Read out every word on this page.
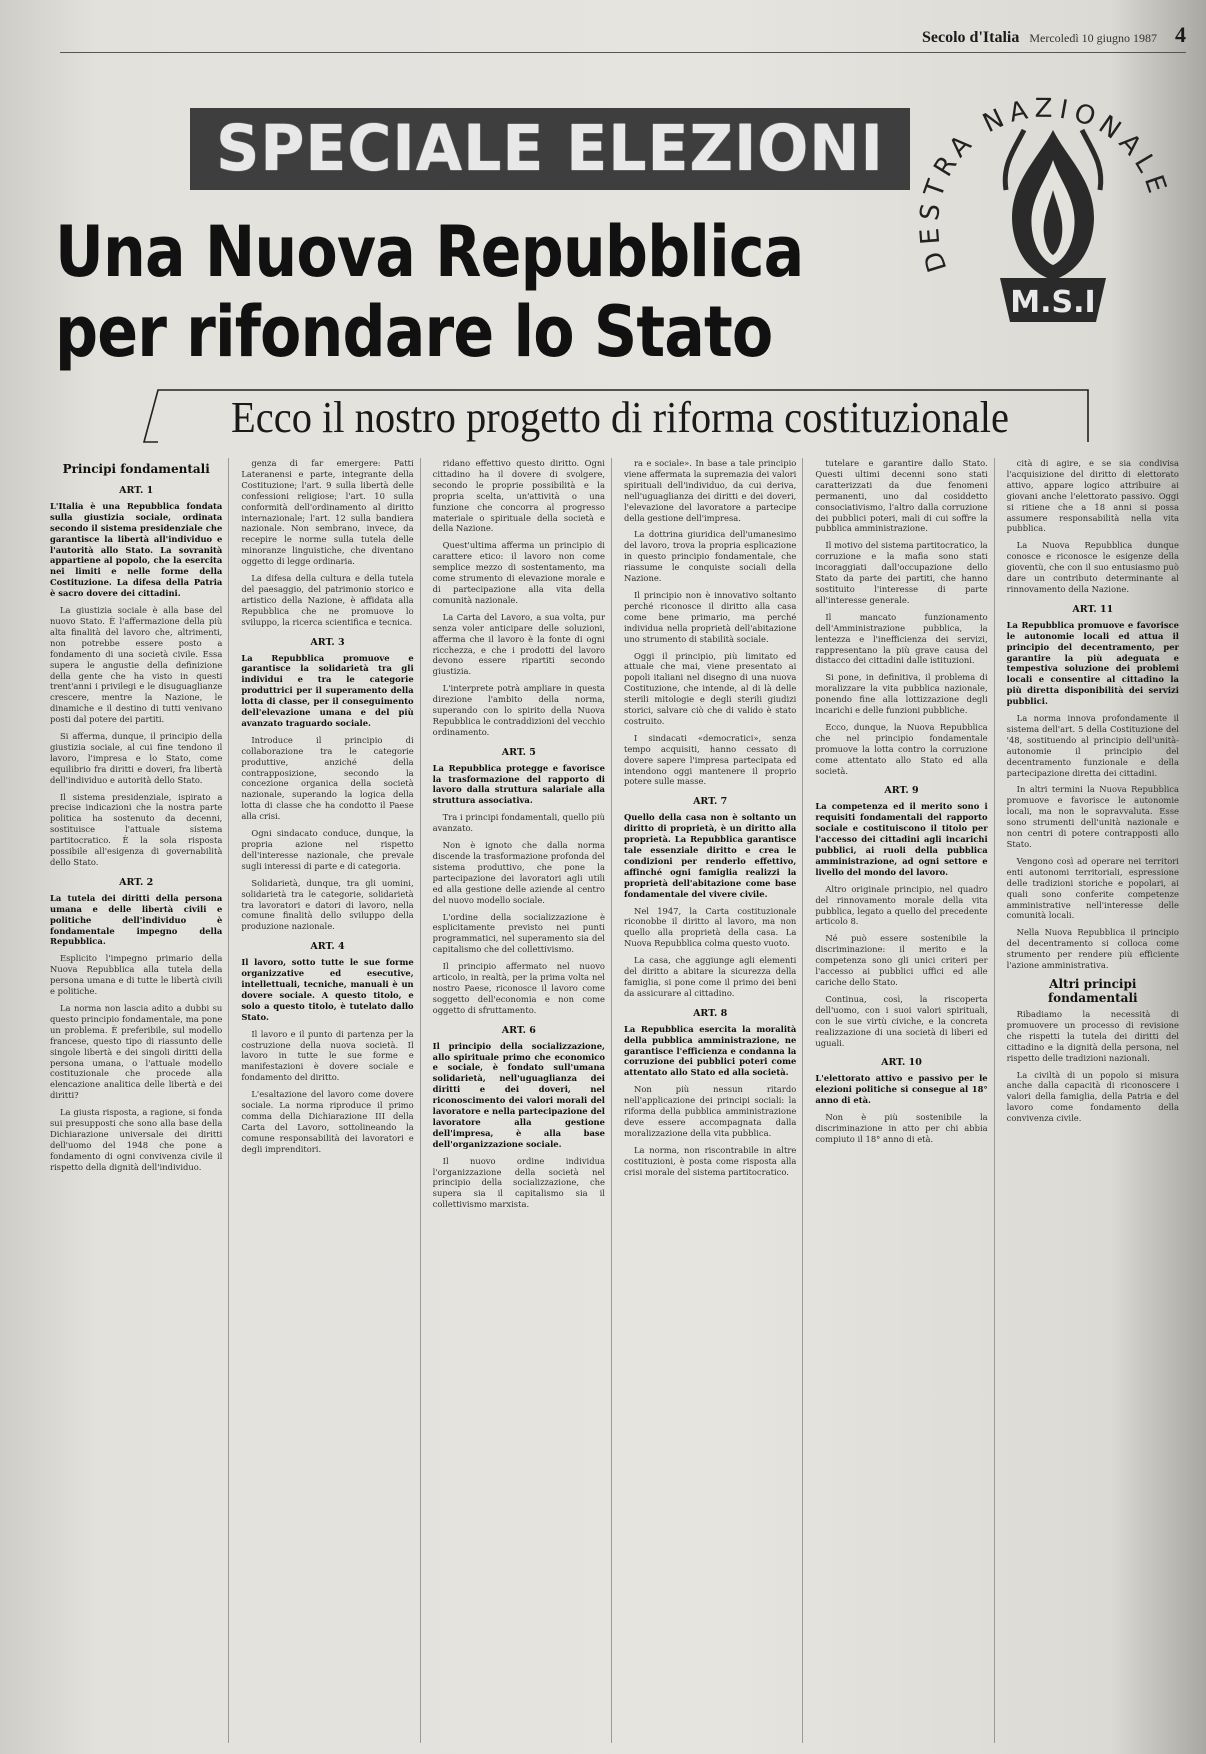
Secolo d'Italia Mercoledì 10 giugno 1987 4
SPECIALE ELEZIONI
Una Nuova Repubblica
per rifondare lo Stato
Ecco il nostro progetto di riforma costituzionale
D STRA NAZIONALE
M.S.I
Principi fondamentali
ART. 1

L'Italia è una Repubblica fondata sulla giustizia sociale, ordinata secondo il sistema presidenziale che garantisce la libertà all'individuo e l'autorità allo Stato. La sovranità appartiene al popolo, che la esercita nei limiti e nelle forme della Costituzione. La difesa della Patria è sacro dovere dei cittadini.

La giustizia sociale è alla base del nuovo Stato. È l'affermazione della più alta finalità del lavoro che, altrimenti, non potrebbe essere posto a fondamento di una società civile. Essa supera le angustie della definizione della gente che ha visto in questi trent'anni i privilegi e le disuguaglianze crescere, mentre la Nazione, le dinamiche e il destino di tutti venivano posti dal potere dei partiti.

Si afferma, dunque, il principio della giustizia sociale, al cui fine tendono il lavoro, l'impresa e lo Stato, come equilibrio fra diritti e doveri, fra libertà dell'individuo e autorità dello Stato.

Il sistema presidenziale, ispirato a precise indicazioni che la nostra parte politica ha sostenuto da decenni, sostituisce l'attuale sistema partitocratico. È la sola risposta possibile all'esigenza di governabilità dello Stato.

ART. 2

La tutela dei diritti della persona umana e delle libertà civili e politiche dell'individuo è fondamentale impegno della Repubblica.

Esplicito l'impegno primario della Nuova Repubblica alla tutela della persona umana e di tutte le libertà civili e politiche.

La norma non lascia adito a dubbi su questo principio fondamentale, ma pone un problema. È preferibile, sul modello francese, questo tipo di riassunto delle singole libertà e dei singoli diritti della persona umana, o l'attuale modello costituzionale che procede alla elencazione analitica delle libertà e dei diritti?

La giusta risposta, a ragione, si fonda sui presupposti che sono alla base della Dichiarazione universale dei diritti dell'uomo del 1948 che pone a fondamento di ogni convivenza civile il rispetto della dignità dell'individuo.

genza di far emergere: Patti Lateranensi e parte, integrante della Costituzione; l'art. 9 sulla libertà delle confessioni religiose; l'art. 10 sulla conformità dell'ordinamento al diritto internazionale; l'art. 12 sulla bandiera nazionale. Non sembrano, invece, da recepire le norme sulla tutela delle minoranze linguistiche, che diventano oggetto di legge ordinaria.

La difesa della cultura e della tutela del paesaggio, del patrimonio storico e artistico della Nazione, è affidata alla Repubblica che ne promuove lo sviluppo, la ricerca scientifica e tecnica.

ART. 3

La Repubblica promuove e garantisce la solidarietà tra gli individui e tra le categorie produttrici per il superamento della lotta di classe, per il conseguimento dell'elevazione umana e del più avanzato traguardo sociale.

Introduce il principio di collaborazione tra le categorie produttive, anziché della contrapposizione, secondo la concezione organica della società nazionale, superando la logica della lotta di classe che ha condotto il Paese alla crisi.

Ogni sindacato conduce, dunque, la propria azione nel rispetto dell'interesse nazionale, che prevale sugli interessi di parte e di categoria.

Solidarietà, dunque, tra gli uomini, solidarietà tra le categorie, solidarietà tra lavoratori e datori di lavoro, nella comune finalità dello sviluppo della produzione nazionale.

ART. 4

Il lavoro, sotto tutte le sue forme organizzative ed esecutive, intellettuali, tecniche, manuali è un dovere sociale. A questo titolo, e solo a questo titolo, è tutelato dallo Stato.

Il lavoro e il punto di partenza per la costruzione della nuova società. Il lavoro in tutte le sue forme e manifestazioni è dovere sociale e fondamento del diritto.

L'esaltazione del lavoro come dovere sociale. La norma riproduce il primo comma della Dichiarazione III della Carta del Lavoro, sottolineando la comune responsabilità dei lavoratori e degli imprenditori.

ridano effettivo questo diritto. Ogni cittadino ha il dovere di svolgere, secondo le proprie possibilità e la propria scelta, un'attività o una funzione che concorra al progresso materiale o spirituale della società e della Nazione.

Quest'ultima afferma un principio di carattere etico: il lavoro non come semplice mezzo di sostentamento, ma come strumento di elevazione morale e di partecipazione alla vita della comunità nazionale.

La Carta del Lavoro, a sua volta, pur senza voler anticipare delle soluzioni, afferma che il lavoro è la fonte di ogni ricchezza, e che i prodotti del lavoro devono essere ripartiti secondo giustizia.

L'interprete potrà ampliare in questa direzione l'ambito della norma, superando con lo spirito della Nuova Repubblica le contraddizioni del vecchio ordinamento.

ART. 5

La Repubblica protegge e favorisce la trasformazione del rapporto di lavoro dalla struttura salariale alla struttura associativa.

Tra i principi fondamentali, quello più avanzato.

Non è ignoto che dalla norma discende la trasformazione profonda del sistema produttivo, che pone la partecipazione dei lavoratori agli utili ed alla gestione delle aziende al centro del nuovo modello sociale.

L'ordine della socializzazione è esplicitamente previsto nei punti programmatici, nel superamento sia del capitalismo che del collettivismo.

Il principio affermato nel nuovo articolo, in realtà, per la prima volta nel nostro Paese, riconosce il lavoro come soggetto dell'economia e non come oggetto di sfruttamento.

ART. 6

Il principio della socializzazione, allo spirituale primo che economico e sociale, è fondato sull'umana solidarietà, nell'uguaglianza dei diritti e dei doveri, nel riconoscimento dei valori morali del lavoratore e nella partecipazione del lavoratore alla gestione dell'impresa, è alla base dell'organizzazione sociale.

Il nuovo ordine individua l'organizzazione della società nel principio della socializzazione, che supera sia il capitalismo sia il collettivismo marxista.

ra e sociale». In base a tale principio viene affermata la supremazia dei valori spirituali dell'individuo, da cui deriva, nell'uguaglianza dei diritti e dei doveri, l'elevazione del lavoratore a partecipe della gestione dell'impresa.

La dottrina giuridica dell'umanesimo del lavoro, trova la propria esplicazione in questo principio fondamentale, che riassume le conquiste sociali della Nazione.

Il principio non è innovativo soltanto perché riconosce il diritto alla casa come bene primario, ma perché individua nella proprietà dell'abitazione uno strumento di stabilità sociale.

Oggi il principio, più limitato ed attuale che mai, viene presentato ai popoli italiani nel disegno di una nuova Costituzione, che intende, al di là delle sterili mitologie e degli sterili giudizi storici, salvare ciò che di valido è stato costruito.

I sindacati «democratici», senza tempo acquisiti, hanno cessato di dovere sapere l'impresa partecipata ed intendono oggi mantenere il proprio potere sulle masse.

ART. 7

Quello della casa non è soltanto un diritto di proprietà, è un diritto alla proprietà. La Repubblica garantisce tale essenziale diritto e crea le condizioni per renderlo effettivo, affinché ogni famiglia realizzi la proprietà dell'abitazione come base fondamentale del vivere civile.

Nel 1947, la Carta costituzionale riconobbe il diritto al lavoro, ma non quello alla proprietà della casa. La Nuova Repubblica colma questo vuoto.

La casa, che aggiunge agli elementi del diritto a abitare la sicurezza della famiglia, si pone come il primo dei beni da assicurare al cittadino.

ART. 8

La Repubblica esercita la moralità della pubblica amministrazione, ne garantisce l'efficienza e condanna la corruzione dei pubblici poteri come attentato allo Stato ed alla società.

Non più nessun ritardo nell'applicazione dei principi sociali: la riforma della pubblica amministrazione deve essere accompagnata dalla moralizzazione della vita pubblica.

La norma, non riscontrabile in altre costituzioni, è posta come risposta alla crisi morale del sistema partitocratico.

tutelare e garantire dallo Stato. Questi ultimi decenni sono stati caratterizzati da due fenomeni permanenti, uno dal cosiddetto consociativismo, l'altro dalla corruzione dei pubblici poteri, mali di cui soffre la pubblica amministrazione.

Il motivo del sistema partitocratico, la corruzione e la mafia sono stati incoraggiati dall'occupazione dello Stato da parte dei partiti, che hanno sostituito l'interesse di parte all'interesse generale.

Il mancato funzionamento dell'Amministrazione pubblica, la lentezza e l'inefficienza dei servizi, rappresentano la più grave causa del distacco dei cittadini dalle istituzioni.

Si pone, in definitiva, il problema di moralizzare la vita pubblica nazionale, ponendo fine alla lottizzazione degli incarichi e delle funzioni pubbliche.

Ecco, dunque, la Nuova Repubblica che nel principio fondamentale promuove la lotta contro la corruzione come attentato allo Stato ed alla società.

ART. 9

La competenza ed il merito sono i requisiti fondamentali del rapporto sociale e costituiscono il titolo per l'accesso dei cittadini agli incarichi pubblici, ai ruoli della pubblica amministrazione, ad ogni settore e livello del mondo del lavoro.

Altro originale principio, nel quadro del rinnovamento morale della vita pubblica, legato a quello del precedente articolo 8.

Né può essere sostenibile la discriminazione: il merito e la competenza sono gli unici criteri per l'accesso ai pubblici uffici ed alle cariche dello Stato.

Continua, così, la riscoperta dell'uomo, con i suoi valori spirituali, con le sue virtù civiche, e la concreta realizzazione di una società di liberi ed uguali.

ART. 10

L'elettorato attivo e passivo per le elezioni politiche si consegue al 18° anno di età.

Non è più sostenibile la discriminazione in atto per chi abbia compiuto il 18° anno di età.

cità di agire, e se sia condivisa l'acquisizione del diritto di elettorato attivo, appare logico attribuire ai giovani anche l'elettorato passivo. Oggi si ritiene che a 18 anni si possa assumere responsabilità nella vita pubblica.

La Nuova Repubblica dunque conosce e riconosce le esigenze della gioventù, che con il suo entusiasmo può dare un contributo determinante al rinnovamento della Nazione.

ART. 11

La Repubblica promuove e favorisce le autonomie locali ed attua il principio del decentramento, per garantire la più adeguata e tempestiva soluzione dei problemi locali e consentire al cittadino la più diretta disponibilità dei servizi pubblici.

La norma innova profondamente il sistema dell'art. 5 della Costituzione del '48, sostituendo al principio dell'unità-autonomie il principio del decentramento funzionale e della partecipazione diretta dei cittadini.

In altri termini la Nuova Repubblica promuove e favorisce le autonomie locali, ma non le sopravvaluta. Esse sono strumenti dell'unità nazionale e non centri di potere contrapposti allo Stato.

Vengono così ad operare nei territori enti autonomi territoriali, espressione delle tradizioni storiche e popolari, ai quali sono conferite competenze amministrative nell'interesse delle comunità locali.

Nella Nuova Repubblica il principio del decentramento si colloca come strumento per rendere più efficiente l'azione amministrativa.

Altri principi fondamentali

Ribadiamo la necessità di promuovere un processo di revisione che rispetti la tutela dei diritti del cittadino e la dignità della persona, nel rispetto delle tradizioni nazionali.

La civiltà di un popolo si misura anche dalla capacità di riconoscere i valori della famiglia, della Patria e del lavoro come fondamento della convivenza civile.
